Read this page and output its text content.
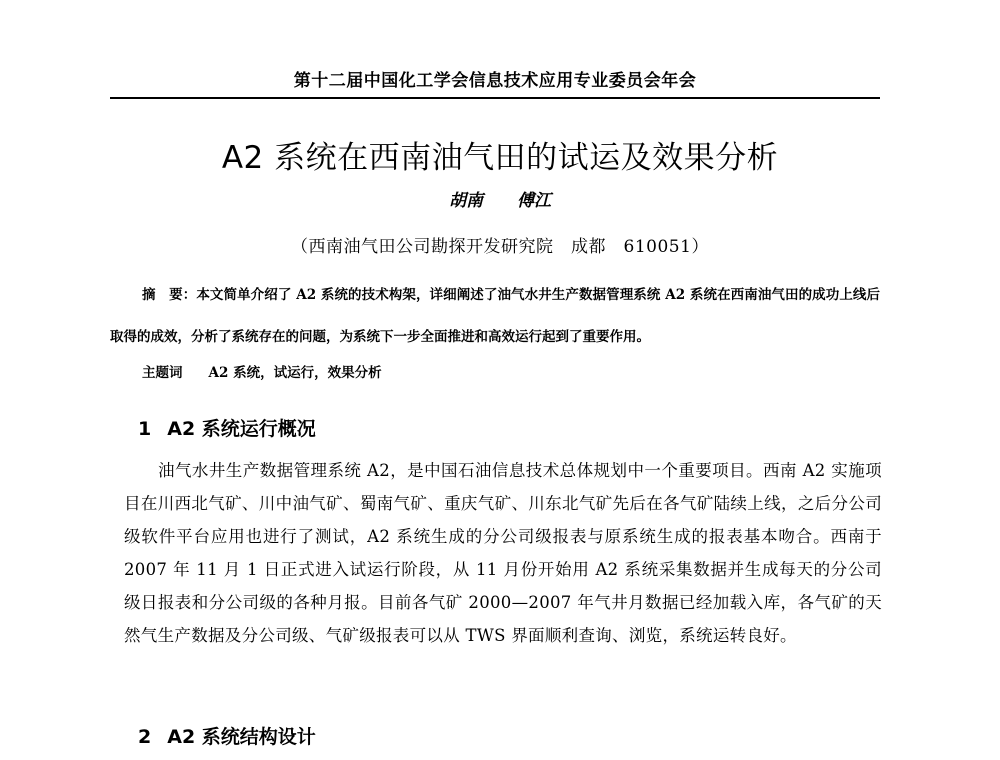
第十二届中国化工学会信息技术应用专业委员会年会
A2 系统在西南油气田的试运及效果分析
胡南 傅江
（西南油气田公司勘探开发研究院　成都　610051）

摘　要：本文简单介绍了 A2 系统的技术构架，详细阐述了油气水井生产数据管理系统 A2 系统在西南油气田的成功上线后取得的成效，分析了系统存在的问题，为系统下一步全面推进和高效运行起到了重要作用。

主题词 A2 系统，试运行，效果分析
1 A2 系统运行概况

油气水井生产数据管理系统 A2，是中国石油信息技术总体规划中一个重要项目。西南 A2 实施项目在川西北气矿、川中油气矿、蜀南气矿、重庆气矿、川东北气矿先后在各气矿陆续上线，之后分公司级软件平台应用也进行了测试，A2 系统生成的分公司级报表与原系统生成的报表基本吻合。西南于 2007 年 11 月 1 日正式进入试运行阶段，从 11 月份开始用 A2 系统采集数据并生成每天的分公司级日报表和分公司级的各种月报。目前各气矿 2000—2007 年气井月数据已经加载入库，各气矿的天然气生产数据及分公司级、气矿级报表可以从 TWS 界面顺利查询、浏览，系统运转良好。

2 A2 系统结构设计
